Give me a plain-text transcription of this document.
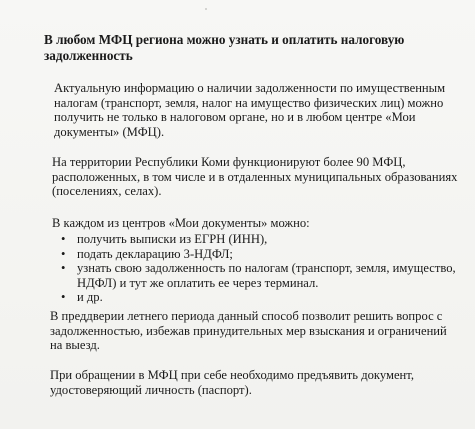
В любом МФЦ региона можно узнать и оплатить налоговую задолженность

Актуальную информацию о наличии задолженности по имущественным налогам (транспорт, земля, налог на имущество физических лиц) можно получить не только в налоговом органе, но и в любом центре «Мои документы» (МФЦ).

На территории Республики Коми функционируют более 90 МФЦ, расположенных, в том числе и в отдаленных муниципальных образованиях (поселениях, селах).

В каждом из центров «Мои документы» можно:

• получить выписки из ЕГРН (ИНН),
• подать декларацию 3-НДФЛ;
• узнать свою задолженность по налогам (транспорт, земля, имущество, НДФЛ) и тут же оплатить ее через терминал.
• и др.

В преддверии летнего периода данный способ позволит решить вопрос с задолженностью, избежав принудительных мер взыскания и ограничений на выезд.

При обращении в МФЦ при себе необходимо предъявить документ, удостоверяющий личность (паспорт).
